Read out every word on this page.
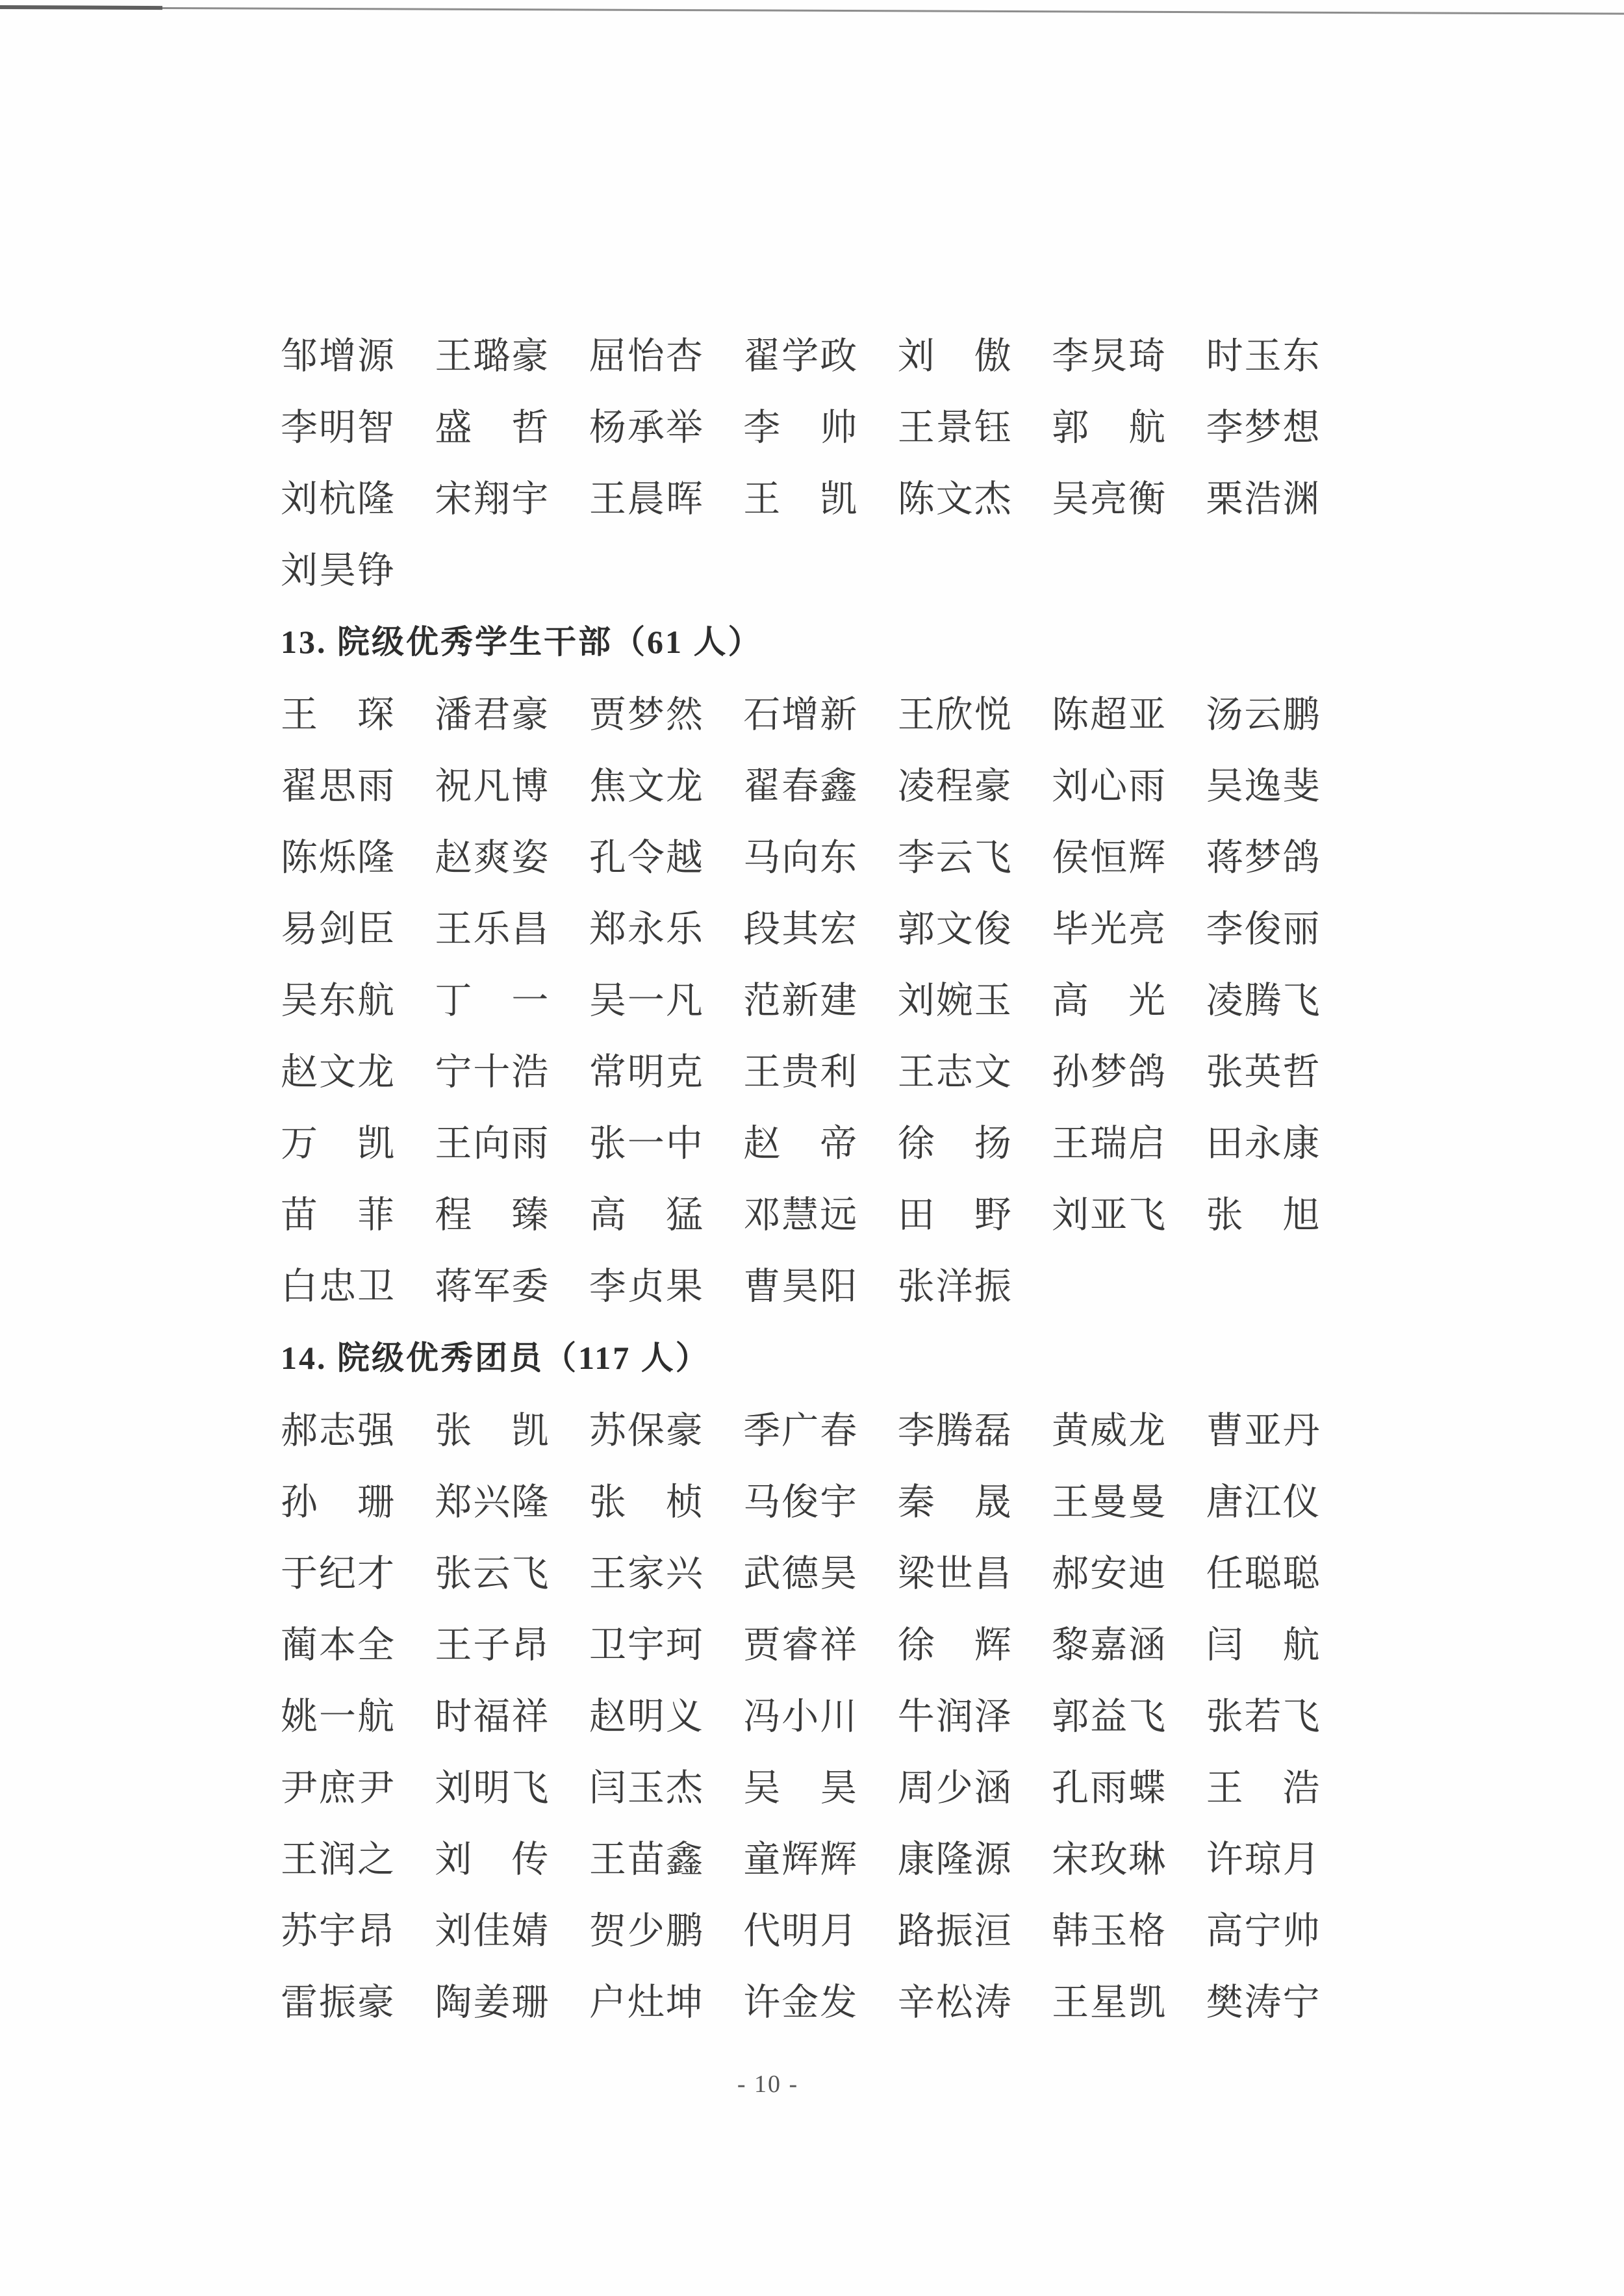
邹增源	王璐豪	屈怡杏	翟学政	刘　傲	李炅琦	时玉东
李明智	盛　哲	杨承举	李　帅	王景钰	郭　航	李梦想
刘杭隆	宋翔宇	王晨晖	王　凯	陈文杰	吴亮衡	栗浩渊
刘昊铮
13. 院级优秀学生干部（61 人）
王　琛	潘君豪	贾梦然	石增新	王欣悦	陈超亚	汤云鹏
翟思雨	祝凡博	焦文龙	翟春鑫	凌程豪	刘心雨	吴逸斐
陈烁隆	赵爽姿	孔令越	马向东	李云飞	侯恒辉	蒋梦鸽
易剑臣	王乐昌	郑永乐	段其宏	郭文俊	毕光亮	李俊丽
吴东航	丁　一	吴一凡	范新建	刘婉玉	高　光	凌腾飞
赵文龙	宁十浩	常明克	王贵利	王志文	孙梦鸽	张英哲
万　凯	王向雨	张一中	赵　帝	徐　扬	王瑞启	田永康
苗　菲	程　臻	高　猛	邓慧远	田　野	刘亚飞	张　旭
白忠卫	蒋军委	李贞果	曹昊阳	张洋振
14. 院级优秀团员（117 人）
郝志强	张　凯	苏保豪	季广春	李腾磊	黄威龙	曹亚丹
孙　珊	郑兴隆	张　桢	马俊宇	秦　晟	王曼曼	唐江仪
于纪才	张云飞	王家兴	武德昊	梁世昌	郝安迪	任聪聪
蔺本全	王子昂	卫宇珂	贾睿祥	徐　辉	黎嘉涵	闫　航
姚一航	时福祥	赵明义	冯小川	牛润泽	郭益飞	张若飞
尹庶尹	刘明飞	闫玉杰	吴　昊	周少涵	孔雨蝶	王　浩
王润之	刘　传	王苗鑫	童辉辉	康隆源	宋玫琳	许琼月
苏宇昂	刘佳婧	贺少鹏	代明月	路振洹	韩玉格	高宁帅
雷振豪	陶姜珊	户灶坤	许金发	辛松涛	王星凯	樊涛宁
- 10 -
